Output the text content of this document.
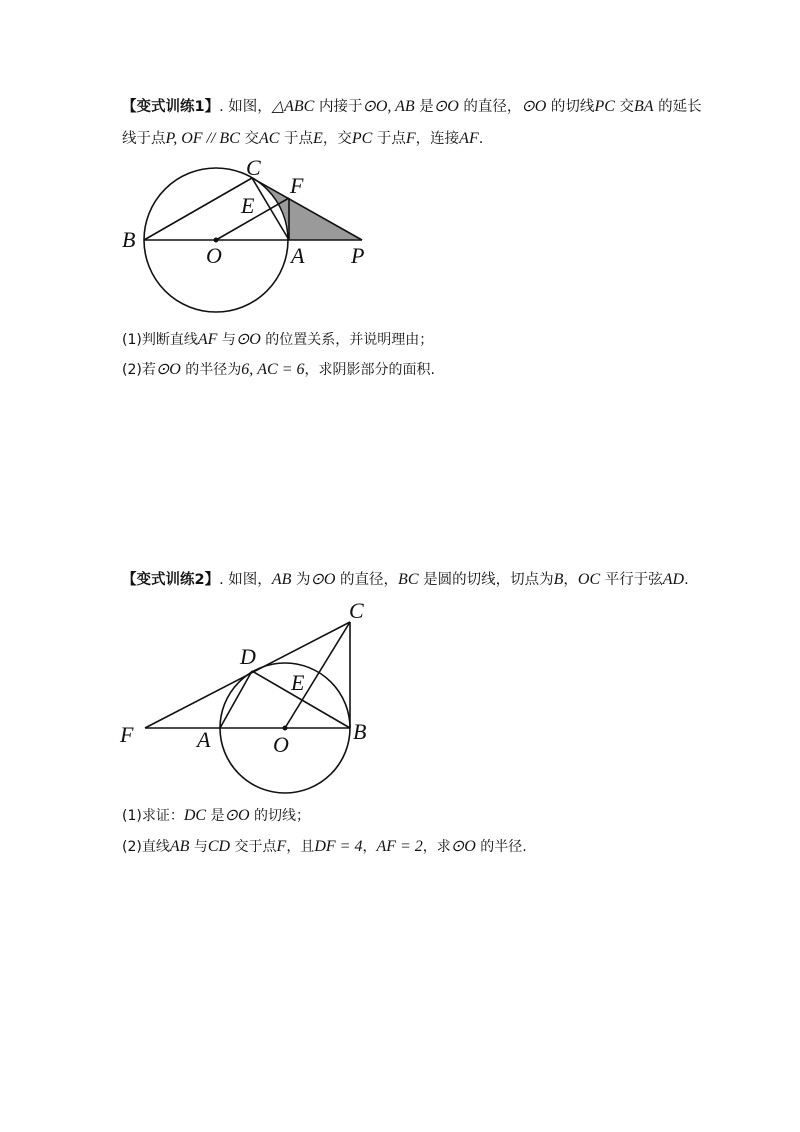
【变式训练1】. 如图，△ABC 内接于⊙O, AB 是⊙O 的直径，⊙O 的切线PC 交BA 的延长
线于点P, OF // BC 交AC 于点E，交PC 于点F，连接AF.
C
F
E
B
O	A P
(1)判断直线AF 与⊙O 的位置关系，并说明理由；
(2)若⊙O 的半径为6, AC = 6，求阴影部分的面积.
【变式训练2】. 如图，AB 为⊙O 的直径，BC 是圆的切线，切点为B，OC 平行于弦AD.
C
D
E
F	A	O
B
(1)求证：DC 是⊙O 的切线；
(2)直线AB 与CD 交于点F，且DF = 4，AF = 2，求⊙O 的半径.
